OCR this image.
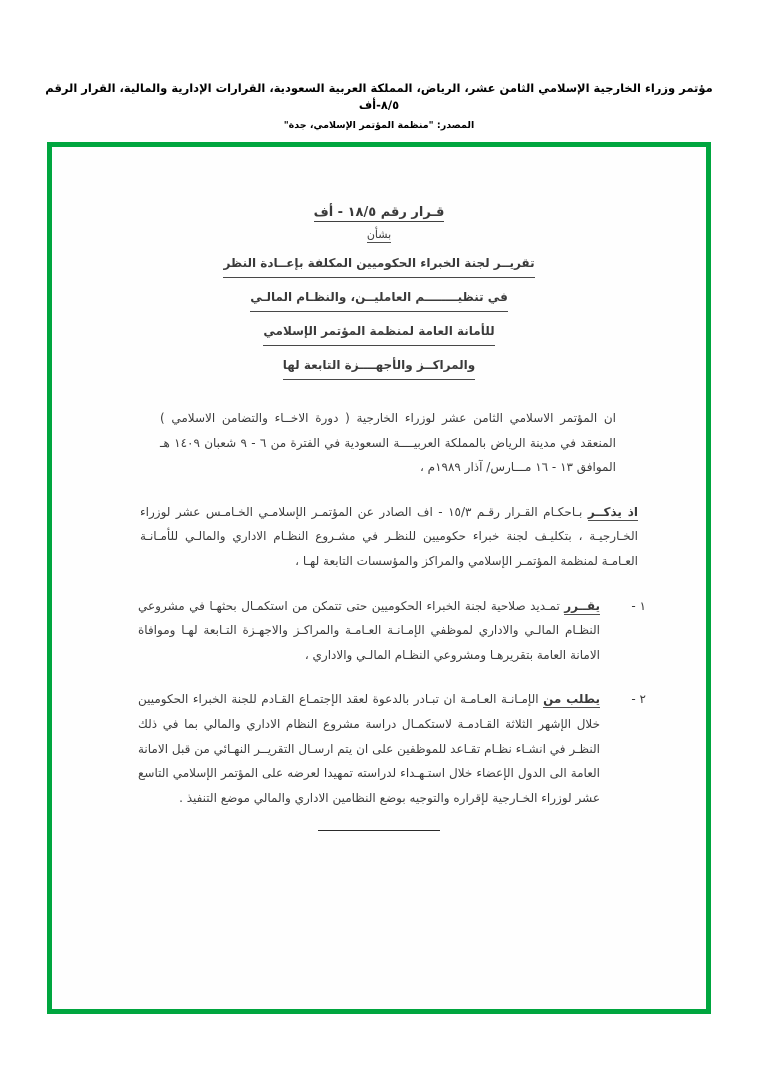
مؤتمر وزراء الخارجية الإسلامي الثامن عشر، الرياض، المملكة العربية السعودية، القرارات الإدارية والمالية، القرار الرقم ٨/٥-أف
المصدر: "منظمة المؤتمر الإسلامي، جدة"
قـرار رقم ١٨/٥ - أف
بشأن
تقريــر لجنة الخبراء الحكوميين المكلفة بإعــادة النظر
في تنظيــــــــم العامليــن، والنظـام المالـي
للأمانة العامة لمنظمة المؤتمر الإسلامي
والمراكــز والأجهــــزة التابعة لها
ان المؤتمر الاسلامي الثامن عشر لوزراء الخارجية ( دورة الاخــاء والتضامن الاسلامي ) المنعقد في مدينة الرياض بالمملكة العربيــــة السعودية في الفترة من ٦ - ٩ شعبان ١٤٠٩ هـ الموافق ١٣ - ١٦ مـــارس/ آذار ١٩٨٩م ،
اذ يذكــر بـاحكـام القـرار رقـم ١٥/٣ - اف الصادر عن المؤتمـر الإسلامـي الخـامـس عشر لوزراء الخـارجيـة ، بتكليـف لجنة خبراء حكوميين للنظـر في مشـروع النظـام الاداري والمالـي للأمـانـة العـامـة لمنظمة المؤتمـر الإسلامي والمراكز والمؤسسات التابعة لهـا ،
١ -
يقــرر تمـديد صلاحية لجنة الخبراء الحكوميين حتى تتمكن من استكمـال بحثهـا في مشروعي النظـام المالـي والاداري لموظفي الإمـانـة العـامـة والمراكـز والاجهـزة التـابعة لهـا وموافاة الامانة العامة بتقريرهـا ومشروعي النظـام المالـي والاداري ،
٢ -
يطلب من الإمـانـة العـامـة ان تبـادر بالدعوة لعقد الإجتمـاع القـادم للجنة الخبراء الحكوميين خلال الإشهر الثلاثة القـادمـة لاستكمـال دراسة مشروع النظام الاداري والمالي بما في ذلك النظـر في انشـاء نظـام تقـاعد للموظفين على ان يتم ارسـال التقريــر النهـائي من قبل الامانة العامة الى الدول الإعضاء خلال استـهـداء لدراسته تمهيدا لعرضه على المؤتمر الإسلامي التاسع عشر لوزراء الخـارجية لإقراره والتوجيه بوضع النظامين الاداري والمالي موضع التنفيذ .
